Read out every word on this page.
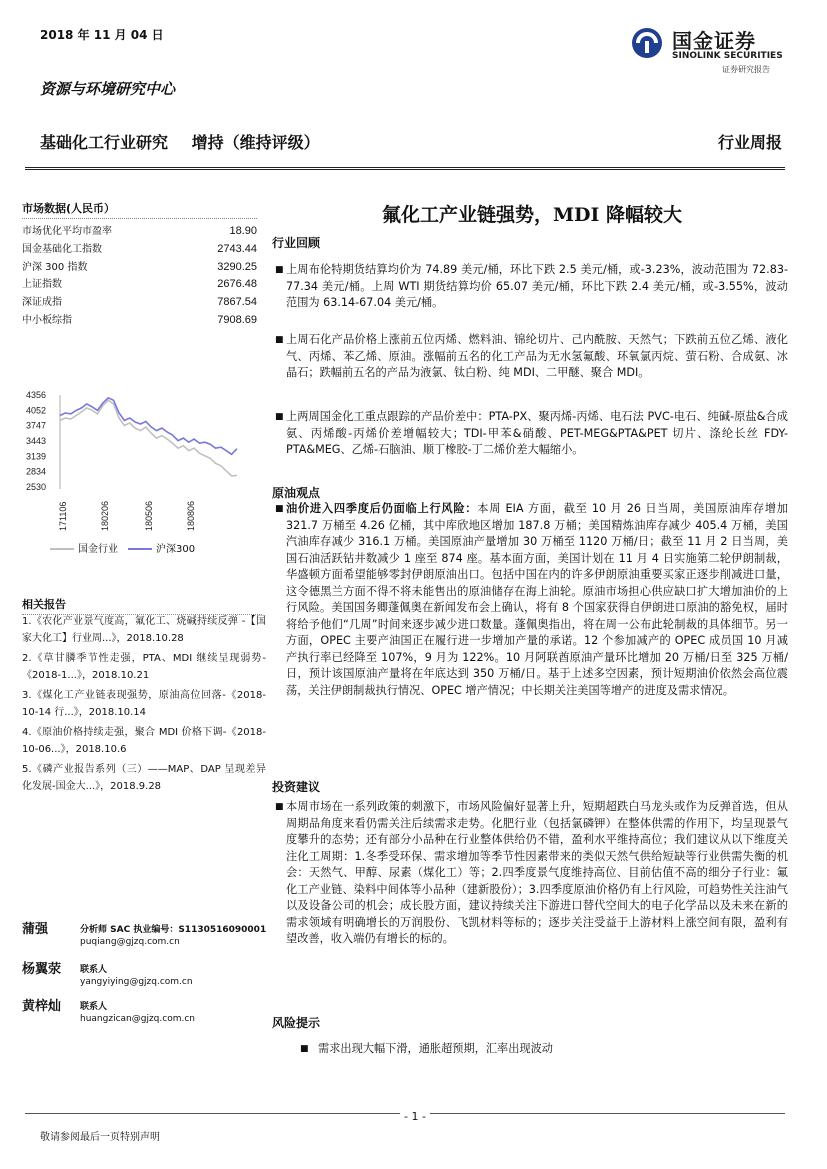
2018 年 11 月 04 日	国金证券
SINOLINK SECURITIES
证券研究报告
资源与环境研究中心
基础化工行业研究 增持（维持评级）	行业周报
市场数据(人民币）
市场优化平均市盈率	18.90
国金基础化工指数	2743.44
沪深 300 指数	3290.25
上证指数	2676.48
深证成指	7867.54
中小板综指	7908.69
4356
4052
3747
3443
3139
2834
2530
171106	180206	180506	180806
国金行业	沪深300
相关报告
1.《农化产业景气度高，氟化工、烧碱持续反弹 -【国家大化工】行业周...》，2018.10.28
2.《草甘膦季节性走强，PTA、MDI 继续呈现弱势-《2018-1...》，2018.10.21
3.《煤化工产业链表现强势，原油高位回落-《2018-10-14 行...》，2018.10.14
4.《原油价格持续走强，聚合 MDI 价格下调-《2018-10-06...》，2018.10.6
5.《磷产业报告系列（三）——MAP、DAP 呈现差异化发展-国金大...》，2018.9.28
蒲强	分析师 SAC 执业编号：S1130516090001
puqiang@gjzq.com.cn
杨翼荥 联系人
yangyiying@gjzq.com.cn
黄梓灿 联系人
huangzican@gjzq.com.cn
氟化工产业链强势，MDI 降幅较大
行业回顾
■ 上周布伦特期货结算均价为 74.89 美元/桶，环比下跌 2.5 美元/桶，或-3.23%，波动范围为 72.83-77.34 美元/桶。上周 WTI 期货结算均价 65.07 美元/桶，环比下跌 2.4 美元/桶，或-3.55%，波动范围为 63.14-67.04 美元/桶。
■ 上周石化产品价格上涨前五位丙烯、燃料油、锦纶切片、己内酰胺、天然气；下跌前五位乙烯、液化气、丙烯、苯乙烯、原油。涨幅前五名的化工产品为无水氢氟酸、环氧氯丙烷、萤石粉、合成氨、冰晶石；跌幅前五名的产品为液氯、钛白粉、纯 MDI、二甲醚、聚合 MDI。
■ 上两周国金化工重点跟踪的产品价差中：PTA-PX、聚丙烯-丙烯、电石法 PVC-电石、纯碱-原盐&合成氨、丙烯酸-丙烯价差增幅较大；TDI-甲苯&硝酸、PET-MEG&PTA&PET 切片、涤纶长丝 FDY-PTA&MEG、乙烯-石脑油、顺丁橡胶-丁二烯价差大幅缩小。
原油观点
■ 油价进入四季度后仍面临上行风险：本周 EIA 方面，截至 10 月 26 日当周，美国原油库存增加 321.7 万桶至 4.26 亿桶，其中库欣地区增加 187.8 万桶；美国精炼油库存减少 405.4 万桶，美国汽油库存减少 316.1 万桶。美国原油产量增加 30 万桶至 1120 万桶/日；截至 11 月 2 日当周，美国石油活跃钻井数减少 1 座至 874 座。基本面方面，美国计划在 11 月 4 日实施第二轮伊朗制裁，华盛顿方面希望能够零封伊朗原油出口。包括中国在内的许多伊朗原油重要买家正逐步削减进口量，这令德黑兰方面不得不将未能售出的原油储存在海上油轮。原油市场担心供应缺口扩大增加油价的上行风险。美国国务卿蓬佩奥在新闻发布会上确认，将有 8 个国家获得自伊朗进口原油的豁免权，届时将给予他们“几周”时间来逐步减少进口数量。蓬佩奥指出，将在周一公布此轮制裁的具体细节。另一方面，OPEC 主要产油国正在履行进一步增加产量的承诺。12 个参加减产的 OPEC 成员国 10 月减产执行率已经降至 107%，9 月为 122%。10 月阿联酋原油产量环比增加 20 万桶/日至 325 万桶/日，预计该国原油产量将在年底达到 350 万桶/日。基于上述多空因素，预计短期油价依然会高位震荡，关注伊朗制裁执行情况、OPEC 增产情况；中长期关注美国等增产的进度及需求情况。
投资建议
■ 本周市场在一系列政策的刺激下，市场风险偏好显著上升，短期超跌白马龙头或作为反弹首选，但从周期品角度来看仍需关注后续需求走势。化肥行业（包括氯磷钾）在整体供需的作用下，均呈现景气度攀升的态势；还有部分小品种在行业整体供给仍不错，盈利水平维持高位；我们建议从以下维度关注化工周期：1.冬季受环保、需求增加等季节性因素带来的类似天然气供给短缺等行业供需失衡的机会：天然气、甲醇、尿素（煤化工）等；2.四季度景气度维持高位、目前估值不高的细分子行业：氟化工产业链、染料中间体等小品种（建新股份）；3.四季度原油价格仍有上行风险，可趋势性关注油气以及设备公司的机会；成长股方面，建议持续关注下游进口替代空间大的电子化学品以及未来在新的需求领域有明确增长的万润股份、飞凯材料等标的；逐步关注受益于上游材料上涨空间有限，盈利有望改善，收入端仍有增长的标的。
风险提示
■ 需求出现大幅下滑，通胀超预期，汇率出现波动
- 1 -
敬请参阅最后一页特别声明
